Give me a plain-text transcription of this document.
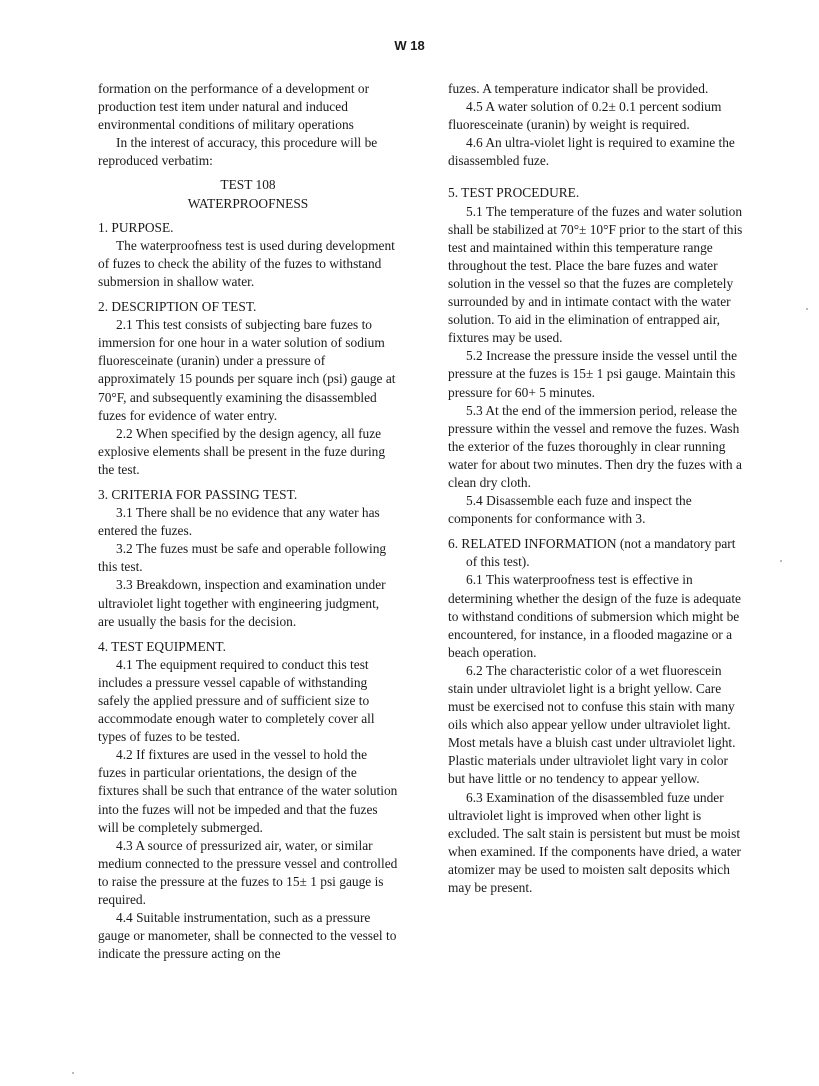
W 18

formation on the performance of a development or production test item under natural and induced environmental conditions of military operations

In the interest of accuracy, this procedure will be reproduced verbatim:

TEST 108

WATERPROOFNESS

1. PURPOSE.

The waterproofness test is used during development of fuzes to check the ability of the fuzes to withstand submersion in shallow water.

2. DESCRIPTION OF TEST.

2.1 This test consists of subjecting bare fuzes to immersion for one hour in a water solution of sodium fluoresceinate (uranin) under a pressure of approximately 15 pounds per square inch (psi) gauge at 70°F, and subsequently examining the disassembled fuzes for evidence of water entry.

2.2 When specified by the design agency, all fuze explosive elements shall be present in the fuze during the test.

3. CRITERIA FOR PASSING TEST.

3.1 There shall be no evidence that any water has entered the fuzes.

3.2 The fuzes must be safe and operable following this test.

3.3 Breakdown, inspection and examination under ultraviolet light together with engineering judgment, are usually the basis for the decision.

4. TEST EQUIPMENT.

4.1 The equipment required to conduct this test includes a pressure vessel capable of withstanding safely the applied pressure and of sufficient size to accommodate enough water to completely cover all types of fuzes to be tested.

4.2 If fixtures are used in the vessel to hold the fuzes in particular orientations, the design of the fixtures shall be such that entrance of the water solution into the fuzes will not be impeded and that the fuzes will be completely submerged.

4.3 A source of pressurized air, water, or similar medium connected to the pressure vessel and controlled to raise the pressure at the fuzes to 15± 1 psi gauge is required.

4.4 Suitable instrumentation, such as a pressure gauge or manometer, shall be connected to the vessel to indicate the pressure acting on the

fuzes. A temperature indicator shall be provided.

4.5 A water solution of 0.2± 0.1 percent sodium fluoresceinate (uranin) by weight is required.

4.6 An ultra-violet light is required to examine the disassembled fuze.

5. TEST PROCEDURE.

5.1 The temperature of the fuzes and water solution shall be stabilized at 70°± 10°F prior to the start of this test and maintained within this temperature range throughout the test. Place the bare fuzes and water solution in the vessel so that the fuzes are completely surrounded by and in intimate contact with the water solution. To aid in the elimination of entrapped air, fixtures may be used.

5.2 Increase the pressure inside the vessel until the pressure at the fuzes is 15± 1 psi gauge. Maintain this pressure for 60+ 5 minutes.

5.3 At the end of the immersion period, release the pressure within the vessel and remove the fuzes. Wash the exterior of the fuzes thoroughly in clear running water for about two minutes. Then dry the fuzes with a clean dry cloth.

5.4 Disassemble each fuze and inspect the components for conformance with 3.

6. RELATED INFORMATION (not a mandatory part of this test).

6.1 This waterproofness test is effective in determining whether the design of the fuze is adequate to withstand conditions of submersion which might be encountered, for instance, in a flooded magazine or a beach operation.

6.2 The characteristic color of a wet fluorescein stain under ultraviolet light is a bright yellow. Care must be exercised not to confuse this stain with many oils which also appear yellow under ultraviolet light. Most metals have a bluish cast under ultraviolet light. Plastic materials under ultraviolet light vary in color but have little or no tendency to appear yellow.

6.3 Examination of the disassembled fuze under ultraviolet light is improved when other light is excluded. The salt stain is persistent but must be moist when examined. If the components have dried, a water atomizer may be used to moisten salt deposits which may be present.
